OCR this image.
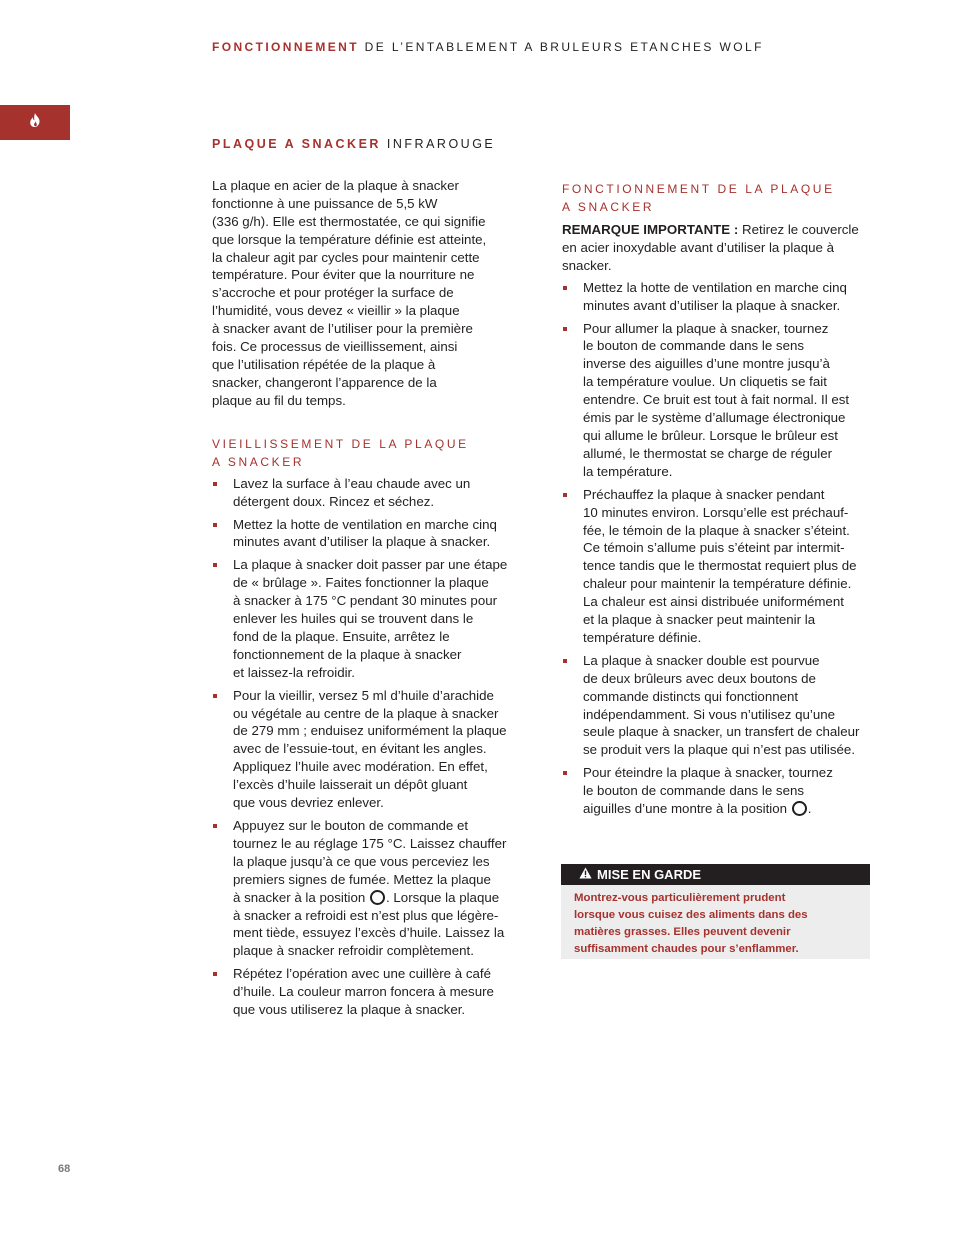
FONCTIONNEMENT DE L’ENTABLEMENT A BRULEURS ETANCHES WOLF
PLAQUE A SNACKER INFRAROUGE

La plaque en acier de la plaque à snacker
fonctionne à une puissance de 5,5 kW
(336 g/h). Elle est thermostatée, ce qui signifie
que lorsque la température définie est atteinte,
la chaleur agit par cycles pour maintenir cette
température. Pour éviter que la nourriture ne
s’accroche et pour protéger la surface de
l’humidité, vous devez « vieillir » la plaque
à snacker avant de l’utiliser pour la première
fois. Ce processus de vieillissement, ainsi
que l’utilisation répétée de la plaque à
snacker, changeront l’apparence de la
plaque au fil du temps.

VIEILLISSEMENT DE LA PLAQUE
A SNACKER
Lavez la surface à l’eau chaude avec un
détergent doux. Rincez et séchez.
Mettez la hotte de ventilation en marche cinq
minutes avant d’utiliser la plaque à snacker.
La plaque à snacker doit passer par une étape
de « brûlage ». Faites fonctionner la plaque
à snacker à 175 °C pendant 30 minutes pour
enlever les huiles qui se trouvent dans le
fond de la plaque. Ensuite, arrêtez le
fonctionnement de la plaque à snacker
et laissez-la refroidir.
Pour la vieillir, versez 5 ml d’huile d’arachide
ou végétale au centre de la plaque à snacker
de 279 mm ; enduisez uniformément la plaque
avec de l’essuie-tout, en évitant les angles.
Appliquez l’huile avec modération. En effet,
l’excès d’huile laisserait un dépôt gluant
que vous devriez enlever.
Appuyez sur le bouton de commande et
tournez le au réglage 175 °C. Laissez chauffer
la plaque jusqu’à ce que vous perceviez les
premiers signes de fumée. Mettez la plaque
à snacker à la position . Lorsque la plaque
à snacker a refroidi est n’est plus que légère-
ment tiède, essuyez l’excès d’huile. Laissez la
plaque à snacker refroidir complètement.
Répétez l’opération avec une cuillère à café
d’huile. La couleur marron foncera à mesure
que vous utiliserez la plaque à snacker.
FONCTIONNEMENT DE LA PLAQUE
A SNACKER

REMARQUE IMPORTANTE : Retirez le couvercle
en acier inoxydable avant d’utiliser la plaque à
snacker.

Mettez la hotte de ventilation en marche cinq
minutes avant d’utiliser la plaque à snacker.
Pour allumer la plaque à snacker, tournez
le bouton de commande dans le sens
inverse des aiguilles d’une montre jusqu’à
la température voulue. Un cliquetis se fait
entendre. Ce bruit est tout à fait normal. Il est
émis par le système d’allumage électronique
qui allume le brûleur. Lorsque le brûleur est
allumé, le thermostat se charge de réguler
la température.
Préchauffez la plaque à snacker pendant
10 minutes environ. Lorsqu’elle est préchauf-
fée, le témoin de la plaque à snacker s’éteint.
Ce témoin s’allume puis s’éteint par intermit-
tence tandis que le thermostat requiert plus de
chaleur pour maintenir la température définie.
La chaleur est ainsi distribuée uniformément
et la plaque à snacker peut maintenir la
température définie.
La plaque à snacker double est pourvue
de deux brûleurs avec deux boutons de
commande distincts qui fonctionnent
indépendamment. Si vous n’utilisez qu’une
seule plaque à snacker, un transfert de chaleur
se produit vers la plaque qui n’est pas utilisée.
Pour éteindre la plaque à snacker, tournez
le bouton de commande dans le sens
aiguilles d’une montre à la position .
MISE EN GARDE
Montrez-vous particulièrement prudent
lorsque vous cuisez des aliments dans des
matières grasses. Elles peuvent devenir
suffisamment chaudes pour s’enflammer.
68
